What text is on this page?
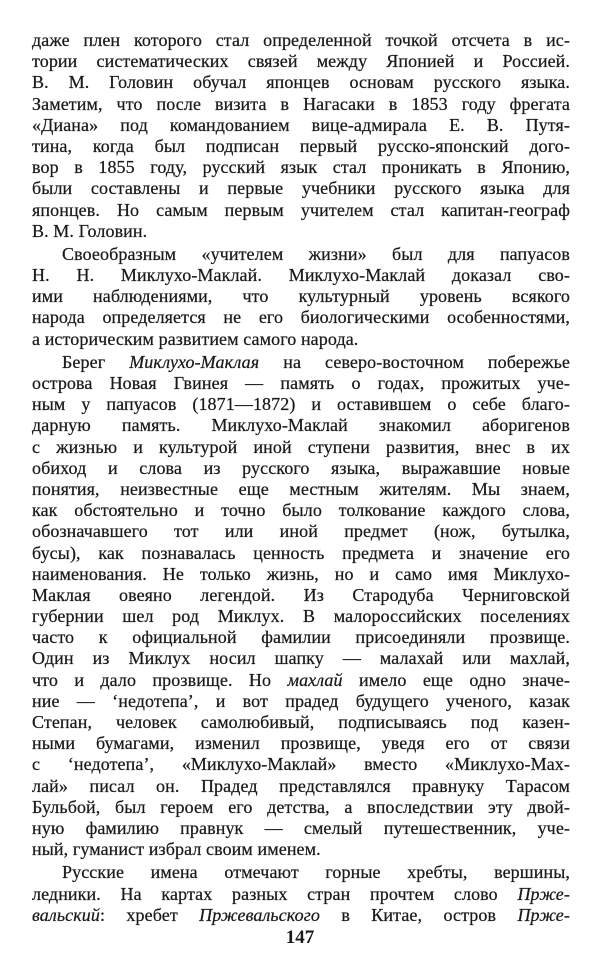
даже плен которого стал определенной точкой отсчета в ис-
тории систематических связей между Японией и Россией.
В. М. Головин обучал японцев основам русского языка.
Заметим, что после визита в Нагасаки в 1853 году фрегата
«Диана» под командованием вице-адмирала Е. В. Путя-
тина, когда был подписан первый русско-японский дого-
вор в 1855 году, русский язык стал проникать в Японию,
были составлены и первые учебники русского языка для
японцев. Но самым первым учителем стал капитан-географ
В. М. Головин.
Своеобразным «учителем жизни» был для папуасов
Н. Н. Миклухо-Маклай. Миклухо-Маклай доказал сво-
ими наблюдениями, что культурный уровень всякого
народа определяется не его биологическими особенностями,
а историческим развитием самого народа.
Берег Миклухо-Маклая на северо-восточном побережье
острова Новая Гвинея — память о годах, прожитых уче-
ным у папуасов (1871—1872) и оставившем о себе благо-
дарную память. Миклухо-Маклай знакомил аборигенов
с жизнью и культурой иной ступени развития, внес в их
обиход и слова из русского языка, выражавшие новые
понятия, неизвестные еще местным жителям. Мы знаем,
как обстоятельно и точно было толкование каждого слова,
обозначавшего тот или иной предмет (нож, бутылка,
бусы), как познавалась ценность предмета и значение его
наименования. Не только жизнь, но и само имя Миклухо-
Маклая овеяно легендой. Из Стародуба Черниговской
губернии шел род Миклух. В малороссийских поселениях
часто к официальной фамилии присоединяли прозвище.
Один из Миклух носил шапку — малахай или махлай,
что и дало прозвище. Но махлай имело еще одно значе-
ние — ‘недотепа’, и вот прадед будущего ученого, казак
Степан, человек самолюбивый, подписываясь под казен-
ными бумагами, изменил прозвище, уведя его от связи
с ‘недотепа’, «Миклухо-Маклай» вместо «Миклухо-Мах-
лай» писал он. Прадед представлялся правнуку Тарасом
Бульбой, был героем его детства, а впоследствии эту двой-
ную фамилию правнук — смелый путешественник, уче-
ный, гуманист избрал своим именем.
Русские имена отмечают горные хребты, вершины,
ледники. На картах разных стран прочтем слово Прже-
вальский: хребет Пржевальского в Китае, остров Прже-
147
